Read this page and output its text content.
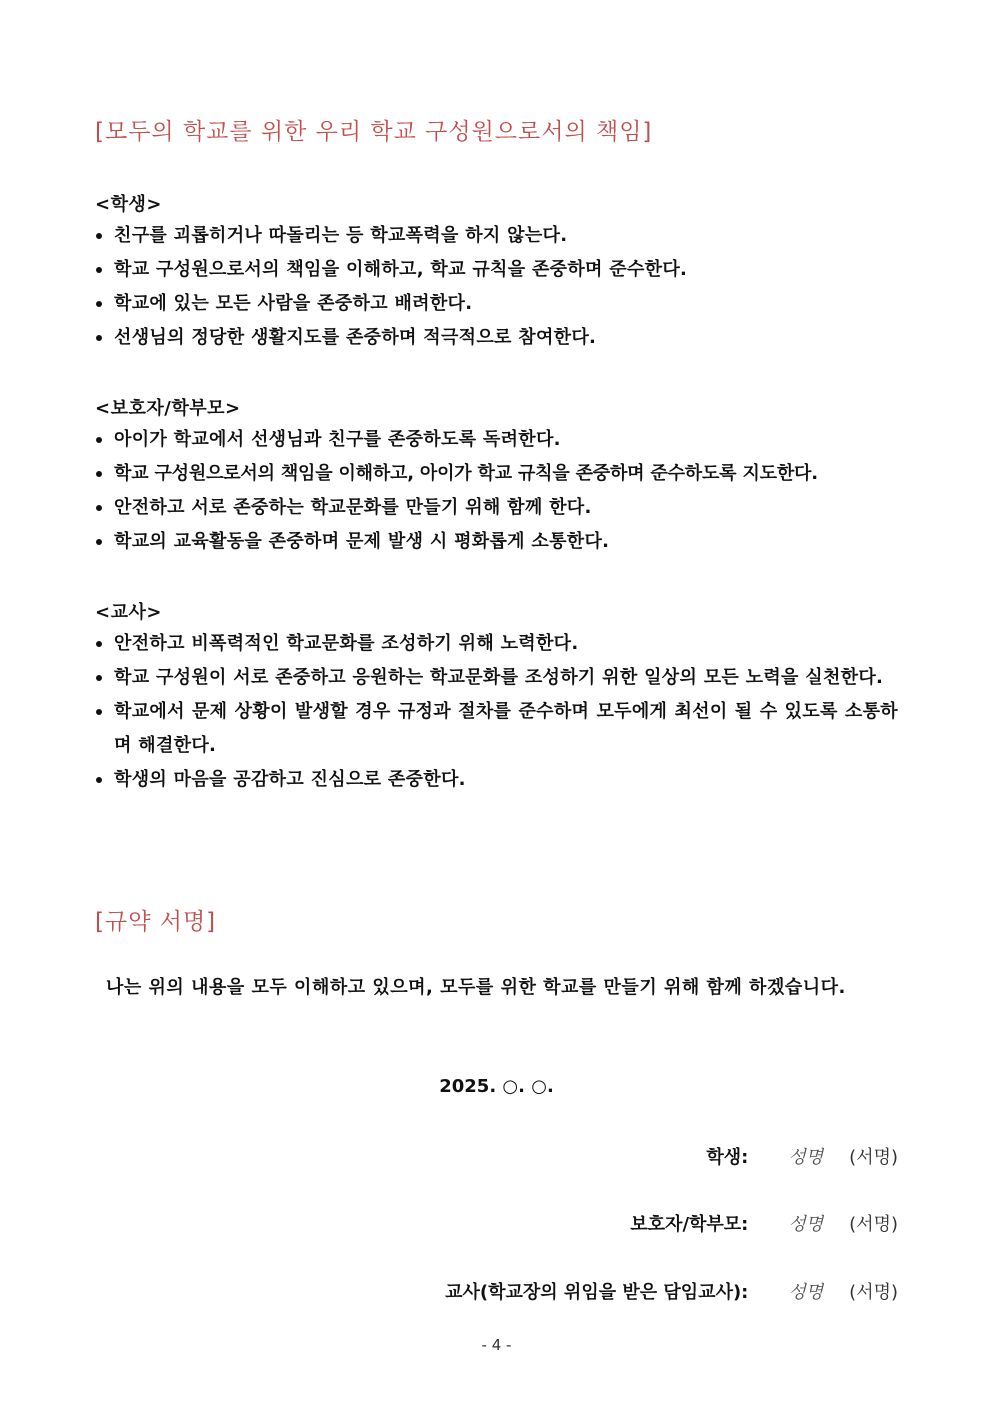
[모두의 학교를 위한 우리 학교 구성원으로서의 책임]
<학생>
친구를 괴롭히거나 따돌리는 등 학교폭력을 하지 않는다.
학교 구성원으로서의 책임을 이해하고, 학교 규칙을 존중하며 준수한다.
학교에 있는 모든 사람을 존중하고 배려한다.
선생님의 정당한 생활지도를 존중하며 적극적으로 참여한다.
<보호자/학부모>
아이가 학교에서 선생님과 친구를 존중하도록 독려한다.
학교 구성원으로서의 책임을 이해하고, 아이가 학교 규칙을 존중하며 준수하도록 지도한다.
안전하고 서로 존중하는 학교문화를 만들기 위해 함께 한다.
학교의 교육활동을 존중하며 문제 발생 시 평화롭게 소통한다.
<교사>
안전하고 비폭력적인 학교문화를 조성하기 위해 노력한다.
학교 구성원이 서로 존중하고 응원하는 학교문화를 조성하기 위한 일상의 모든 노력을 실천한다.
학교에서 문제 상황이 발생할 경우 규정과 절차를 준수하며 모두에게 최선이 될 수 있도록 소통하며 해결한다.
학생의 마음을 공감하고 진심으로 존중한다.
[규약 서명]

나는 위의 내용을 모두 이해하고 있으며, 모두를 위한 학교를 만들기 위해 함께 하겠습니다.

2025. ○. ○.
학생: 성명 (서명)
보호자/학부모: 성명 (서명)
교사(학교장의 위임을 받은 담임교사): 성명 (서명)
- 4 -
